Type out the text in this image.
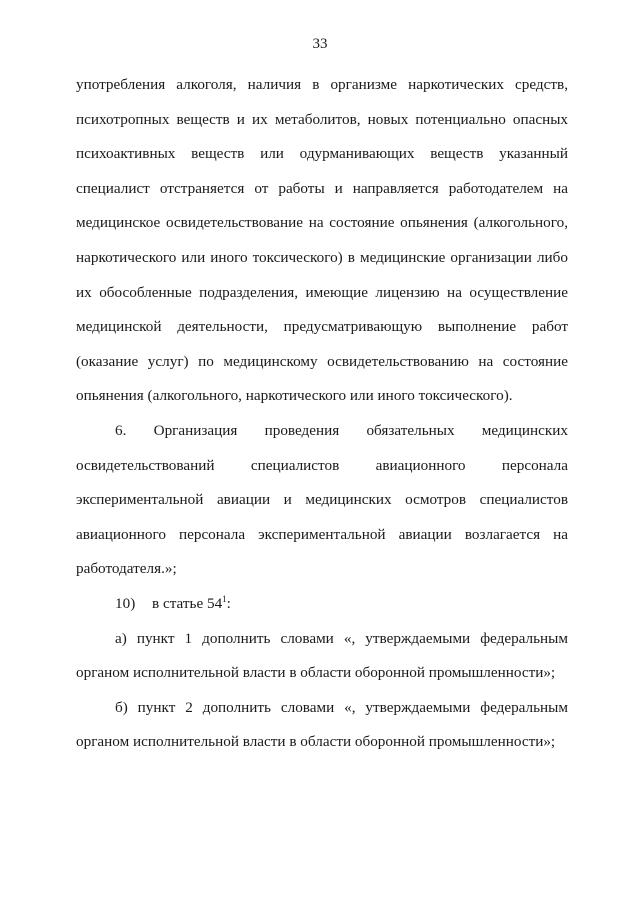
33
употребления алкоголя, наличия в организме наркотических средств,
психотропных веществ и их метаболитов, новых потенциально опасных
психоактивных веществ или одурманивающих веществ указанный
специалист отстраняется от работы и направляется работодателем на
медицинское освидетельствование на состояние опьянения (алкогольного,
наркотического или иного токсического) в медицинские организации либо
их обособленные подразделения, имеющие лицензию на осуществление
медицинской деятельности, предусматривающую выполнение работ
(оказание услуг) по медицинскому освидетельствованию на состояние
опьянения (алкогольного, наркотического или иного токсического).
6. Организация проведения обязательных медицинских
освидетельствований специалистов авиационного персонала
экспериментальной авиации и медицинских осмотров специалистов
авиационного персонала экспериментальной авиации возлагается на
работодателя.»;
10) в статье $54^1$:
а) пункт 1 дополнить словами «, утверждаемыми федеральным
органом исполнительной власти в области оборонной промышленности»;
б) пункт 2 дополнить словами «, утверждаемыми федеральным
органом исполнительной власти в области оборонной промышленности»;
